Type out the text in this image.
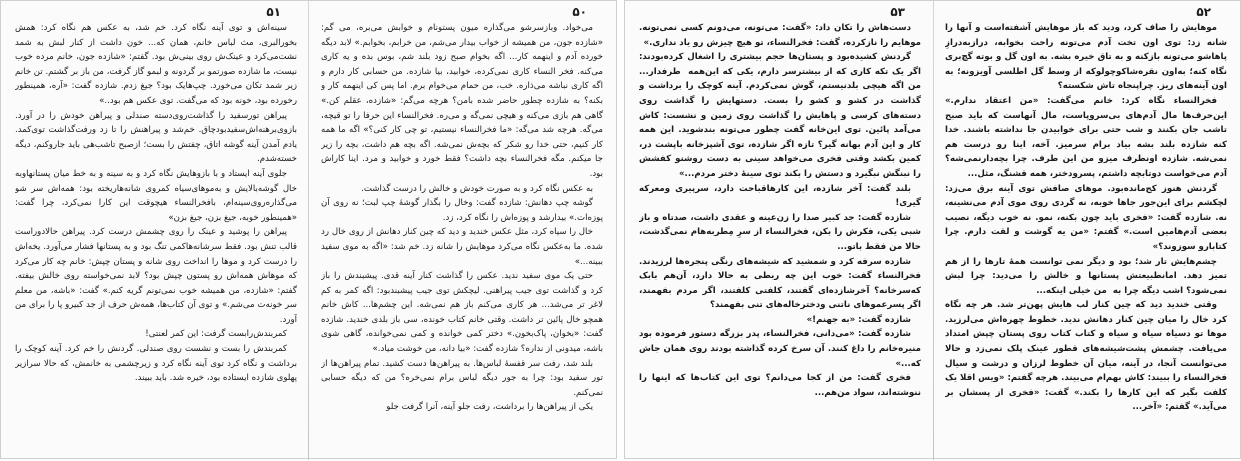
۵۱

سینه‌اش و توی آینه نگاه کرد. خم شد، به عکس هم نگاه کرد: همش بخورالبری، مث لباس خانم، همان که... خون داشت از کنار لبش به شمد نشت‌می‌کرد و عینک‌ش روی بینی‌ش بود. گفتم: «شازده جون، خانم مرده خوب نیست، ما شازده صورتمو بر گردونه و لبمو گاز گرفت، من باز بر گشتم. تن خانم زیر شمد تکان می‌خورد. چپ‌هایک بود؟ جیغ زدم. شازده گفت: «آره، همینطور رخورده بود، خونه بود که می‌گفت. توی عکس هم بود..»

پیراهن تورسفید را گذاشت‌روی‌دسته صندلی و پیراهن خودش را در آورد. بازوی‌برهنه‌اش‌سفید‌بود‌چاق. خم‌شد‌ و پیراهنش را تا زد ورفت‌گذاشت‌ توی‌کمد. یادم‌ آمدن آینه گوشه‌ اتاق، چفتش‌ را بست؛ ازصبح تا‌شب‌هی باید جاروکنم، دیگه خسته‌شدم.

جلوی آینه ایستاد و با بازوهایش نگاه کرد و به سینه و به خط میان پستانهاوبه‌ خال گوشه‌بالایش‌ و‌ به‌موهای‌سیاه‌ کمروی‌ شانه‌هاریخته بود: همه‌اش سر شو می‌گذاره‌روی‌سینه‌ام، با‌فخرالنساء هیچوقت‌ این کارا نمی‌کرد، چرا گفت: «همینطور خوبه، جیغ بزن، جیغ بزن»

پیراهن را پوشید و عینک را روی چشمش درست کرد. پیراهن حالادوراست قالب تنش بود. فقط سرشانه‌هاکمی‌ تنگ‌ بود و به پستانها فشار می‌آورد. یخه‌اش را درست کرد و موها را انداخت روی شانه و پستان چپش: خانم‌ چه‌ کار می‌کرد که موهاش همه‌اش رو پستون چپش بود؟ لابد نمی‌خواسته روی‌ خالش‌ بیفته. گفتم: «شازده، من‌ همیشه خوب نمی‌تونم‌ گریه‌ کنم.» گفت: «باشه، من‌ معلم‌ سر خونه‌ت‌ می‌شم.» و توی آن کتاب‌ها، همه‌ش حرف از جد کبیرو ‌پا را برای‌ من آورد.

کمربندش‌را‌بست‌ گرفت: این کمر لعنتی!

کمربندش‌ را بست‌ و نشست‌ روی صندلی. گردنش‌ را خم کرد. آینه کوچک را برداشت و نگاه کرد توی آینه نگاه کرد و زیرچشمی‌ به خانمش، که حالا سرازیر‌ پهلوی ‌شازده ایستاده بود، خیره شد. باید ببیند.

۵۰

می‌خواد. وبازسرشو می‌گذاره میون پستونام‌ و خوابش‌ می‌بره، می گم: «شازده جون، من‌ همیشه از خواب بیدار می‌شم، من خرابم، بخوابم.» لابد دیگه خورده ‌آدم و اینهمه کار... اگه‌ بخوام صبح زود بلند شم، بوس بده و یه کاری می‌کنه. فخر النساء کاری نمی‌کرده، خوابید، بیا شازده. من‌ حسابی کار دارم و اگه کاری نباشه می‌ذاره. خب، من حمام‌ می‌خوام ‌برم. اما پس کی اینهمه ‌کار و بکنه؟ به شازده چطور حاضر شده بامن؟ هرچه می‌گم: «شازده، عقلم کن.» گاهی هم بازی می‌کنه و هیچی نمی‌گه و می‌ره. فخرالنساء این حرفا را تو قیچه، می‌گه. هرچه شد می‌گه: «ما فخرالنساء نیستیم، تو چی کار کنی؟» اگه‌ ما همه ‌کار کنیم، حتی خدا رو شکر که بچه‌ش نمی‌شه. اگه ‌بچه هم داشت، بچه را زیر جا میکنم. مگه ‌فخرالنساء بچه ‌داشت؟ فقط خورد و خوابید و مرد. اینا کاراش بود.

به عکس نگاه کرد و به صورت خودش و خالش را درست گذاشت.

گوشه‌ چپ‌ دهانش: شازده گفت: وخال را بگذار گوشهٔ چپ لبت؛ نه روی آن پوزه‌ات.» بیدارشد و پوزه‌اش را نگاه کرد، زد.

خال را سیاه کرد، مثل عکس خندید و دید که چین کنار دهانش از روی خال رد شده. ما به‌عکس نگاه می‌کرد موهایش را شانه زد. خم شد: «اگه به موی سفید ببینه...»

حتی یک موی سفید ندید. عکس را گذاشت کنار آینه قدی. پیشبندش را باز کرد و گذاشت توی جیب ‌پیراهنی. لیچکش توی جیب پیشبندبود: اگه کمر به کم لاغر تر می‌شد... هر کاری می‌کنم باز هم نمی‌شه. این چشم‌ها... کاش خانم ‌همچو خال پائین‌ تر داشت. وقتی خانم کتاب خونده، سی باز بلدی خندید. شازده گفت: «بخوان، پاک‌بخون.» دختر کمی خوانده و کمی نمی‌خوانده، گاهی شوی باشه، میدونی از نداره؟ شازده گفت: «بیا دانه، من خوشت میاد.»

بلند شد، رفت سر قفسهٔ لباس‌ها. به پیراهن‌ها دست کشید. تمام پیراهن‌ها از تور سفید بود: چرا به جور دیگه لباس برام نمی‌خره؟ من که دیگه حسابی نمی‌کنم.

یکی از پیراهن‌ها را برداشت، رفت جلو آینه، آنرا گرفت جلو

۵۳

دست‌هاش را تکان داد: «گفت: می‌تونه، می‌دونم کسی نمی‌تونه. موهایم را نازکرده، گفت: فخرالنساء، تو هیچ‌ چیزش‌ رو یاد نداری.»

گردنش کشیده‌بود و پستان‌ها حجم بیشتری را اشغال کرده‌بودند: اگر یک‌ تکه کاری که از بیشترسر دارم، یکی که این‌همه ‌‌ طرفدار... من اگه هیچی بلدنیستم، گوش نمی‌کردم. آینه کوچک را ‌برداشت و گذاشت در کشو و کشو را بست. دستهایش را گذاشت‌ روی‌ دسته‌های کرسی و پاهایش را گذاشت روی زمین و نشست: کاش می‌آمد پائین. توی این‌خانه گفت چطور می‌تونه بندشوید. این‌ همه کار و این آدم بهانه گیر؟ تازه اگر شازده، توی آشپزخانه باپشت در، کمین بکشد وقتی فخری می‌خواهد سینی‌ به دست روشنو کفشش را نبنگش‌ نبگیرد و دستش را بکند توی سینهٔ دختر مردم...»

بلند گفت: آخر شازده، این کارهاقباحت دارد، سرپیری‌ ومعرکه گیری!

شازده گفت: جد کبیر صدا را زن‌عینه‌ و عقدی داشت، صدتاه و باز شبی یکی، فکرش‌ را بکن، فخرالنساء از سرِ مِطربه‌هام‌ نمی‌گذشت، حالا من‌ فقط باتو...

شازده سرفه کرد و شمشید که شیشه‌های‌ رنگی پنجره‌ها لرزیدند. فخرالنساء گفت: خوب این چه ربطی به حالا دارد، آن‌هم بابک که‌سرخانه؟ آخرشازده‌ای‌ گفتند، کلفتی کلفتند، اگر مردم بفهمند، اگر پسرعموهای ناتنی ودخترخاله‌های تنی بفهمند؟

شازده گفت: «به جهنم!»

شازده گفت: «می‌دانی، فخرالنساء، پدر بزرگه دستور فرموده بود منیره‌خانم را داغ کنند. آن‌ سرخ کرده گذاشته بودند روی همان جاش که...»

فخری گفت: من از کجا می‌دانم؟ توی این کتاب‌ها که اینها را ننوشته‌اند، سواد من‌هم...

۵۲

موهایش را صاف کرد، ودید که باز موهایش آشفته‌است و آنها را شانه زد: توی اون تخت آدم می‌تونه راحت بخوابه، درازبه‌درازِ پاهاشو می‌تونه‌ بازکنه و به تاق خیره بشه. به اون گل و بوته گچ‌بری‌ نگاه کنه؛ به‌اون‌ نقره‌شاکوچولوکه‌ از وسط گل اطلسی‌ آویزونه؛ به‌ اون‌ آینه‌های ریز. چراپنجاه‌ تاش شکسته؟

فخرالنساء نگاه کرد: خانم‌ می‌گفت: «من اعتقاد ندارم.» این‌حرف‌ها مال آدم‌های بی‌سروپاست، مال آنهاست که‌ باید صبح ‌تاشب جان بکنند و شب حتی برای خوابیدن جا نداشته ‌باشند. خدا کنه شازده بلند بشه‌ بیاد برام‌ سرمیز. آخه، اینا‌ رو‌ درست ‌هم ‌نمی‌‌‌‌شه. شازده‌ اونطرف میز‌و‌ من‌ این‌ طرف. چرا بچه‌دارنمی‌شه؟ آدم‌ می‌خواست دوتابچه داشتم، پسرودختر، همه قشنگ، مثل...

گردنش هنوز کج‌مانده‌بود. موهای‌ صافش توی آینه ‌برق‌ می‌زد: لچکشم برای این‌جور جاها خوبه، نه گردی‌ روی موی آدم‌ می‌نشینه، نه. شازده گفت: «فخری باید چون بکنه، نمو. نه خوب‌ دیگه، نصیب بعضی‌ آدم‌هامیں‌ است.» گفتم: «من‌ ‌‌‌‌‌‌یه ‌‌گوشت ‌و‌ لقت ‌دارم‌. چرا کتابارو سوزوند؟»

چشم‌هایش تار شد؛ بود و دیگر نمی‌ توانست همهٔ‌ تارها را از هم تمیز دهد. امانطبیعتش پستانها و خالش را می‌دید: چرا لبش‌ نمی‌شود؟ اشب‌ دیگه‌ چرا به‌ ‌‌‌‌‌‌‌‌‌‌‌‌‌‌‌‌‌‌ من خیلی‌ اینکه...

وقتی خندید‌ دید که چین‌ کنار لب ‌هایش پهن‌تر شد. هر چه نگاه کرد‌ خال را‌ میان‌ چین کنار دهانش ندید. خطوط چهره‌اش می‌لرزید. موها تو‌ دسیاه‌ سیاه‌ و سیاه‌ و کتاب‌ کتاب‌ روی‌ پستان‌ چپش‌ امتداد می‌یافت. چشمش پشت‌شیشه‌های‌ قطور عینک پلک‌ نمی‌زد و حالا‌ می‌توانست آنجا، در آینه، میان‌ آن خطوط لرزان و درشت‌ و سیال‌ فخرالنساء را ببیند: کاش بهم‌ام‌ می‌بیند. هرچه ‌گفتم: «ویس‌ اقلا یک‌ کلفت بگیر که این ‌کارها را بکند.» گفت: «فخری از پسشان‌ بر می‌آید.» گفتم: «آخر...
